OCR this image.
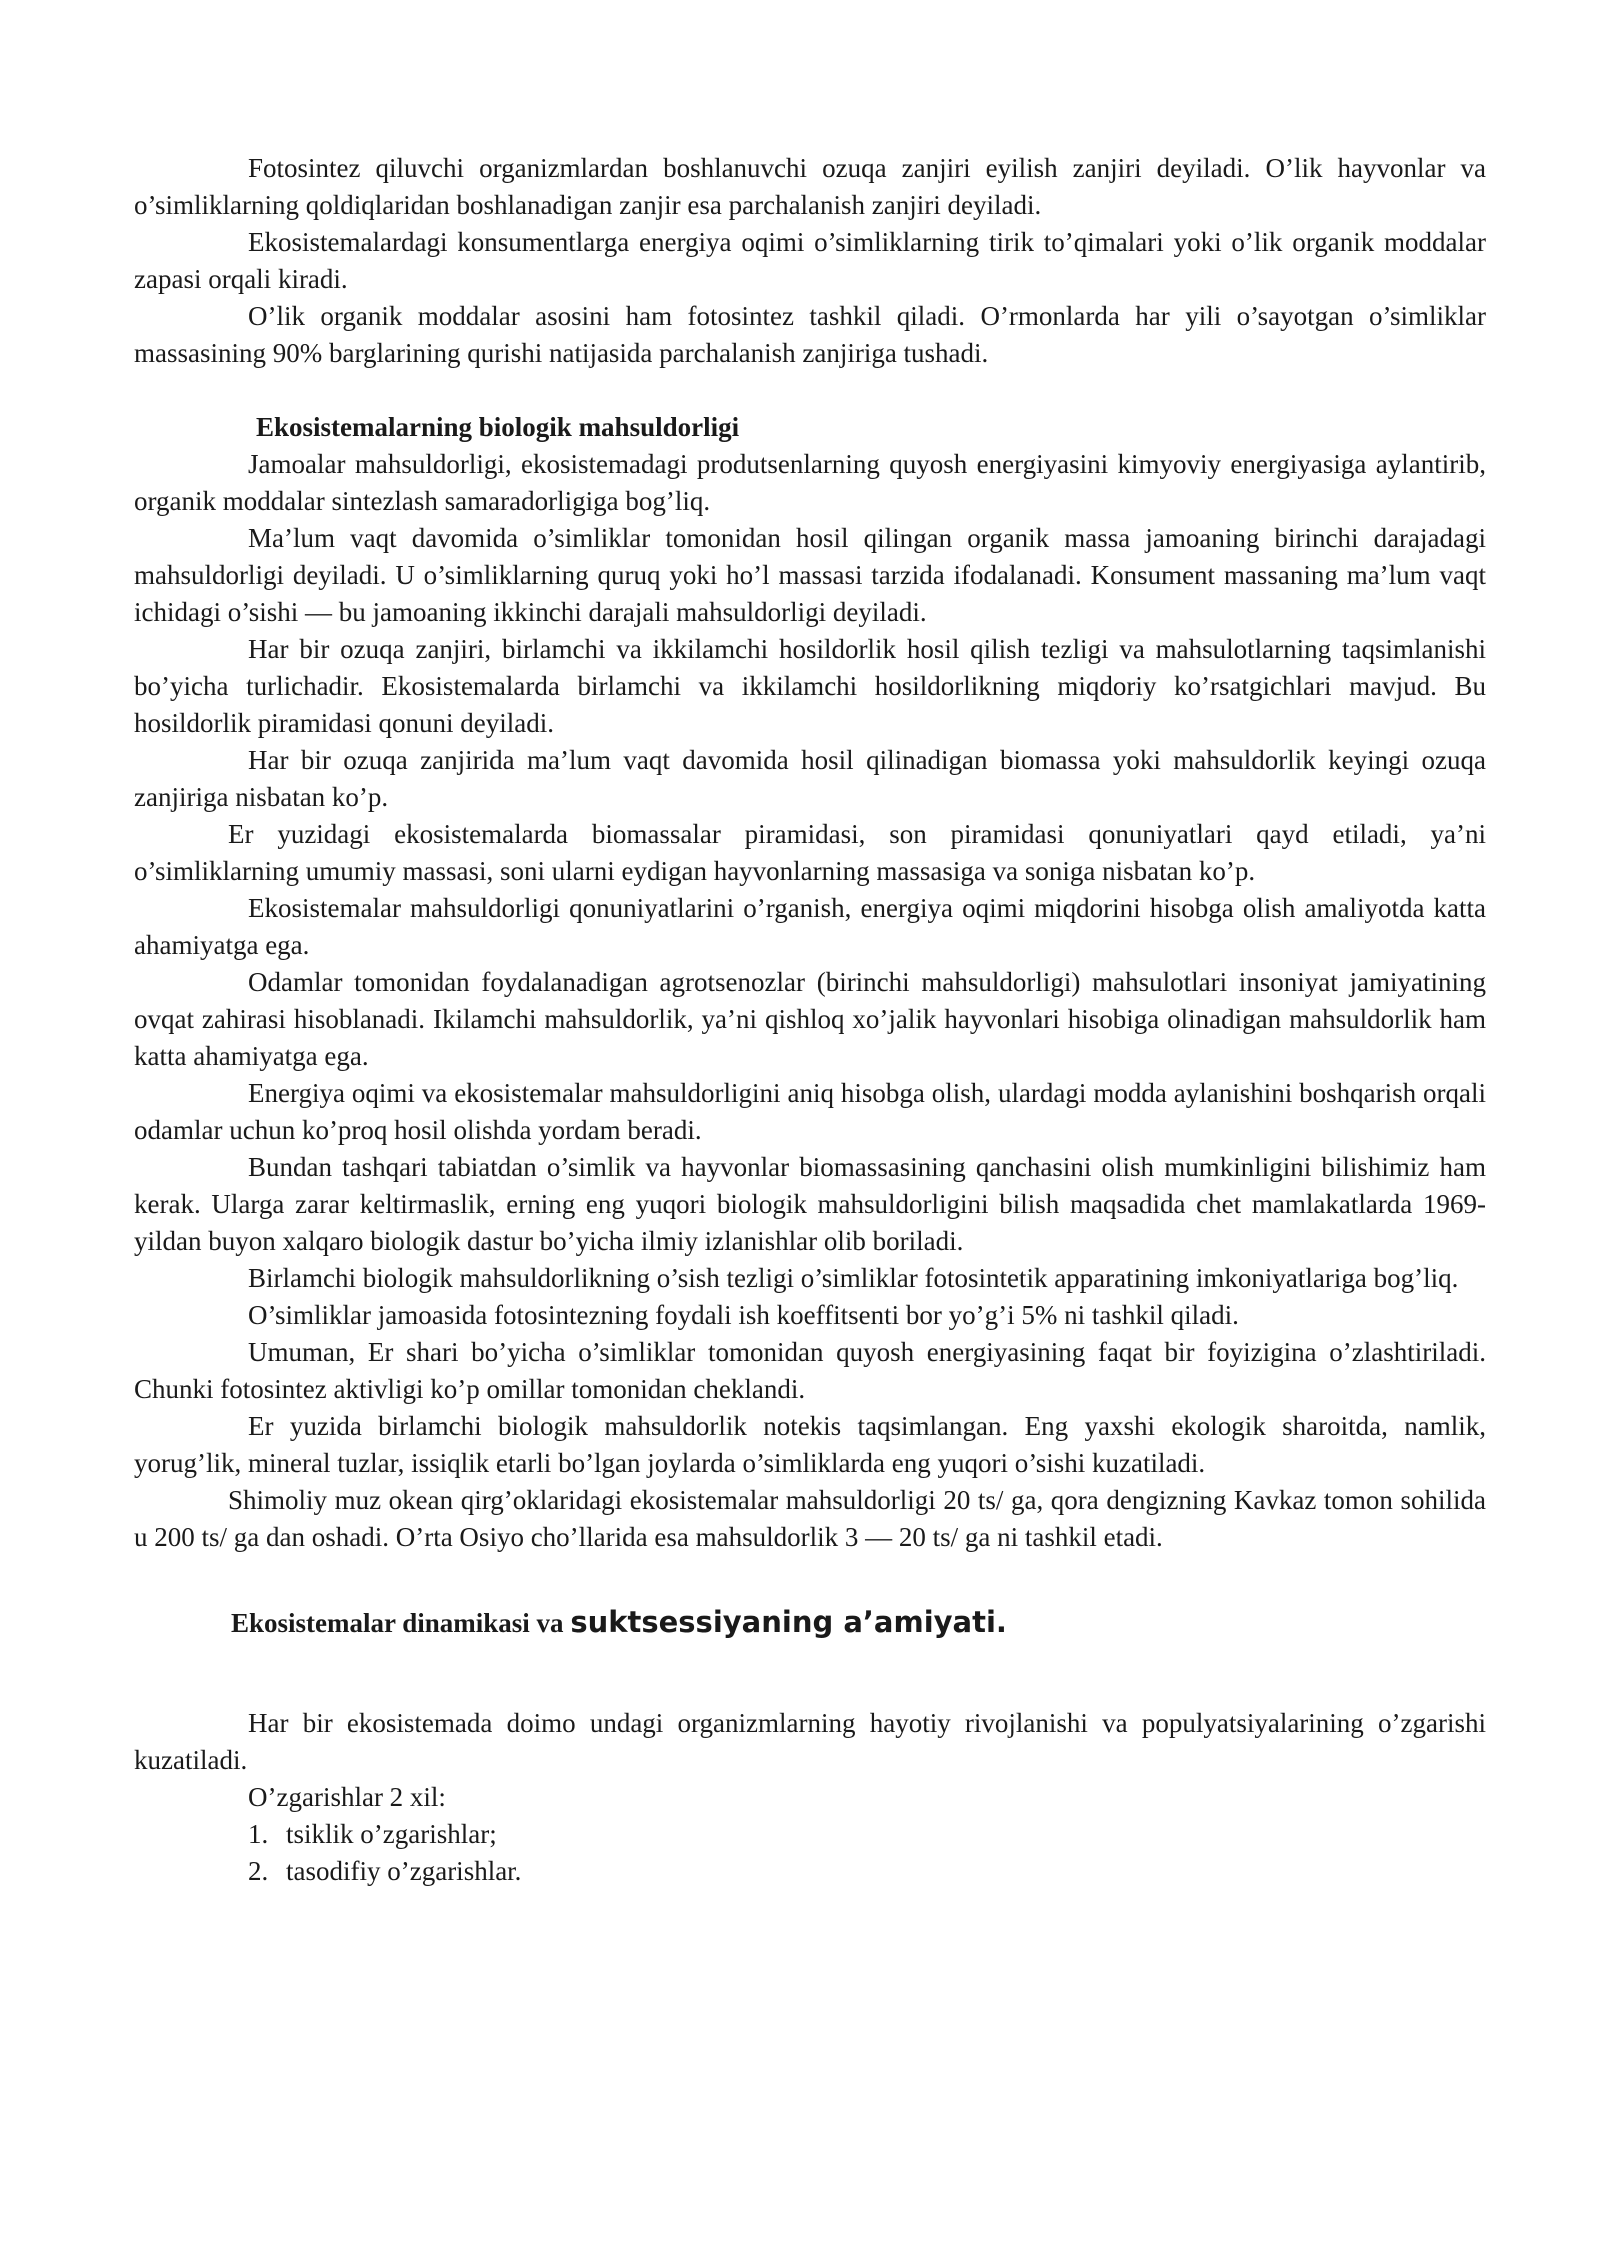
Fotosintez qiluvchi organizmlardan boshlanuvchi ozuqa zanjiri eyilish zanjiri deyiladi. O’lik hayvonlar va o’simliklarning qoldiqlaridan boshlanadigan zanjir esa parchalanish zanjiri deyiladi.

Ekosistemalardagi konsumentlarga energiya oqimi o’simliklarning tirik to’qimalari yoki o’lik organik moddalar zapasi orqali kiradi.

O’lik organik moddalar asosini ham fotosintez tashkil qiladi. O’rmonlarda har yili o’sayotgan o’simliklar massasining 90% barglarining qurishi natijasida parchalanish zanjiriga tushadi.

Ekosistemalarning biologik mahsuldorligi

Jamoalar mahsuldorligi, ekosistemadagi produtsenlarning quyosh energiyasini kimyoviy energiyasiga aylantirib, organik moddalar sintezlash samaradorligiga bog’liq.

Ma’lum vaqt davomida o’simliklar tomonidan hosil qilingan organik massa jamoaning birinchi darajadagi mahsuldorligi deyiladi. U o’simliklarning quruq yoki ho’l massasi tarzida ifodalanadi. Konsument massaning ma’lum vaqt ichidagi o’sishi — bu jamoaning ikkinchi darajali mahsuldorligi deyiladi.

Har bir ozuqa zanjiri, birlamchi va ikkilamchi hosildorlik hosil qilish tezligi va mahsulotlarning taqsimlanishi bo’yicha turlichadir. Ekosistemalarda birlamchi va ikkilamchi hosildorlikning miqdoriy ko’rsatgichlari mavjud. Bu hosildorlik piramidasi qonuni deyiladi.

Har bir ozuqa zanjirida ma’lum vaqt davomida hosil qilinadigan biomassa yoki mahsuldorlik keyingi ozuqa zanjiriga nisbatan ko’p.

Er yuzidagi ekosistemalarda biomassalar piramidasi, son piramidasi qonuniyatlari qayd etiladi, ya’ni o’simliklarning umumiy massasi, soni ularni eydigan hayvonlarning massasiga va soniga nisbatan ko’p.

Ekosistemalar mahsuldorligi qonuniyatlarini o’rganish, energiya oqimi miqdorini hisobga olish amaliyotda katta ahamiyatga ega.

Odamlar tomonidan foydalanadigan agrotsenozlar (birinchi mahsuldorligi) mahsulotlari insoniyat jamiyatining ovqat zahirasi hisoblanadi. Ikilamchi mahsuldorlik, ya’ni qishloq xo’jalik hayvonlari hisobiga olinadigan mahsuldorlik ham katta ahamiyatga ega.

Energiya oqimi va ekosistemalar mahsuldorligini aniq hisobga olish, ulardagi modda aylanishini boshqarish orqali odamlar uchun ko’proq hosil olishda yordam beradi.

Bundan tashqari tabiatdan o’simlik va hayvonlar biomassasining qanchasini olish mumkinligini bilishimiz ham kerak. Ularga zarar keltirmaslik, erning eng yuqori biologik mahsuldorligini bilish maqsadida chet mamlakatlarda 1969-yildan buyon xalqaro biologik dastur bo’yicha ilmiy izlanishlar olib boriladi.

Birlamchi biologik mahsuldorlikning o’sish tezligi o’simliklar fotosintetik apparatining imkoniyatlariga bog’liq.

O’simliklar jamoasida fotosintezning foydali ish koeffitsenti bor yo’g’i 5% ni tashkil qiladi.

Umuman, Er shari bo’yicha o’simliklar tomonidan quyosh energiyasining faqat bir foyizigina o’zlashtiriladi. Chunki fotosintez aktivligi ko’p omillar tomonidan cheklandi.

Er yuzida birlamchi biologik mahsuldorlik notekis taqsimlangan. Eng yaxshi ekologik sharoitda, namlik, yorug’lik, mineral tuzlar, issiqlik etarli bo’lgan joylarda o’simliklarda eng yuqori o’sishi kuzatiladi.

Shimoliy muz okean qirg’oklaridagi ekosistemalar mahsuldorligi 20 ts/ ga, qora dengizning Kavkaz tomon sohilida u 200 ts/ ga dan oshadi. O’rta Osiyo cho’llarida esa mahsuldorlik 3 — 20 ts/ ga ni tashkil etadi.

Ekosistemalar dinamikasi va suktsessiyaning a’amiyati.

Har bir ekosistemada doimo undagi organizmlarning hayotiy rivojlanishi va populyatsiyalarining o’zgarishi kuzatiladi.

O’zgarishlar 2 xil:

1. tsiklik o’zgarishlar;
2. tasodifiy o’zgarishlar.
